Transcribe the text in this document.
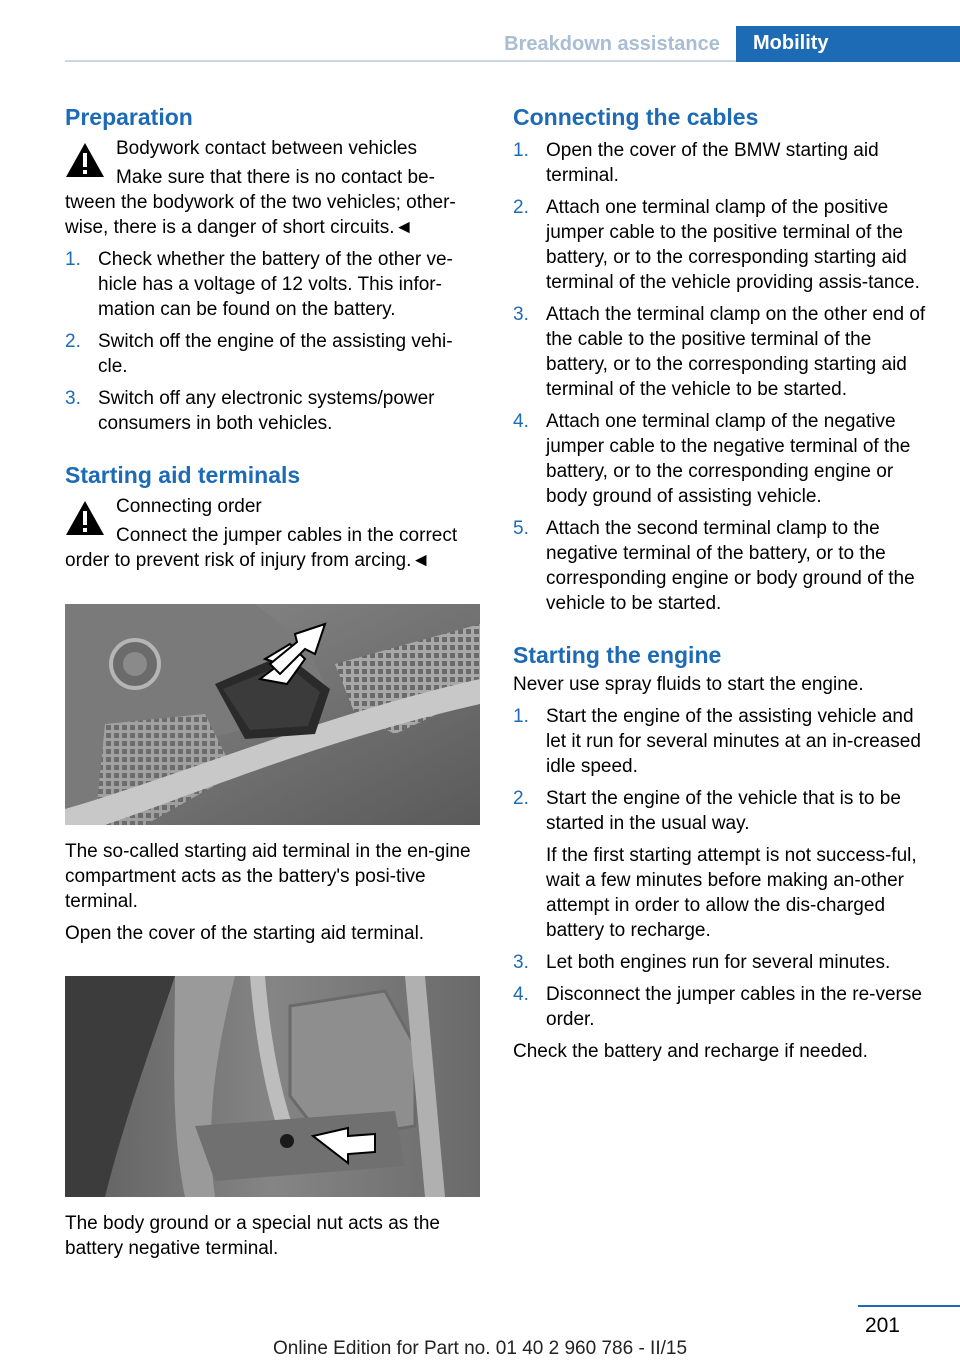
Breakdown assistance	Mobility
Preparation

Bodywork contact between vehicles

Make sure that there is no contact be-

tween the bodywork of the two vehicles; other-wise, there is a danger of short circuits.◄

1. Check whether the battery of the other ve-hicle has a voltage of 12 volts. This infor-mation can be found on the battery.
2. Switch off the engine of the assisting vehi-cle.
3. Switch off any electronic systems/power consumers in both vehicles.
Starting aid terminals

Connecting order

Connect the jumper cables in the correct

order to prevent risk of injury from arcing.◄

The so-called starting aid terminal in the en-gine compartment acts as the battery's posi-tive terminal.

Open the cover of the starting aid terminal.

The body ground or a special nut acts as the battery negative terminal.

Connecting the cables
1. Open the cover of the BMW starting aid terminal.
2. Attach one terminal clamp of the positive jumper cable to the positive terminal of the battery, or to the corresponding starting aid terminal of the vehicle providing assis-tance.
3. Attach the terminal clamp on the other end of the cable to the positive terminal of the battery, or to the corresponding starting aid terminal of the vehicle to be started.
4. Attach one terminal clamp of the negative jumper cable to the negative terminal of the battery, or to the corresponding engine or body ground of assisting vehicle.
5. Attach the second terminal clamp to the negative terminal of the battery, or to the corresponding engine or body ground of the vehicle to be started.
Starting the engine

Never use spray fluids to start the engine.

1. Start the engine of the assisting vehicle and let it run for several minutes at an in-creased idle speed.
2. Start the engine of the vehicle that is to be started in the usual way.

If the first starting attempt is not success-ful, wait a few minutes before making an-other attempt in order to allow the dis-charged battery to recharge.

3. Let both engines run for several minutes.
4. Disconnect the jumper cables in the re-verse order.

Check the battery and recharge if needed.

201
Online Edition for Part no. 01 40 2 960 786 - II/15
